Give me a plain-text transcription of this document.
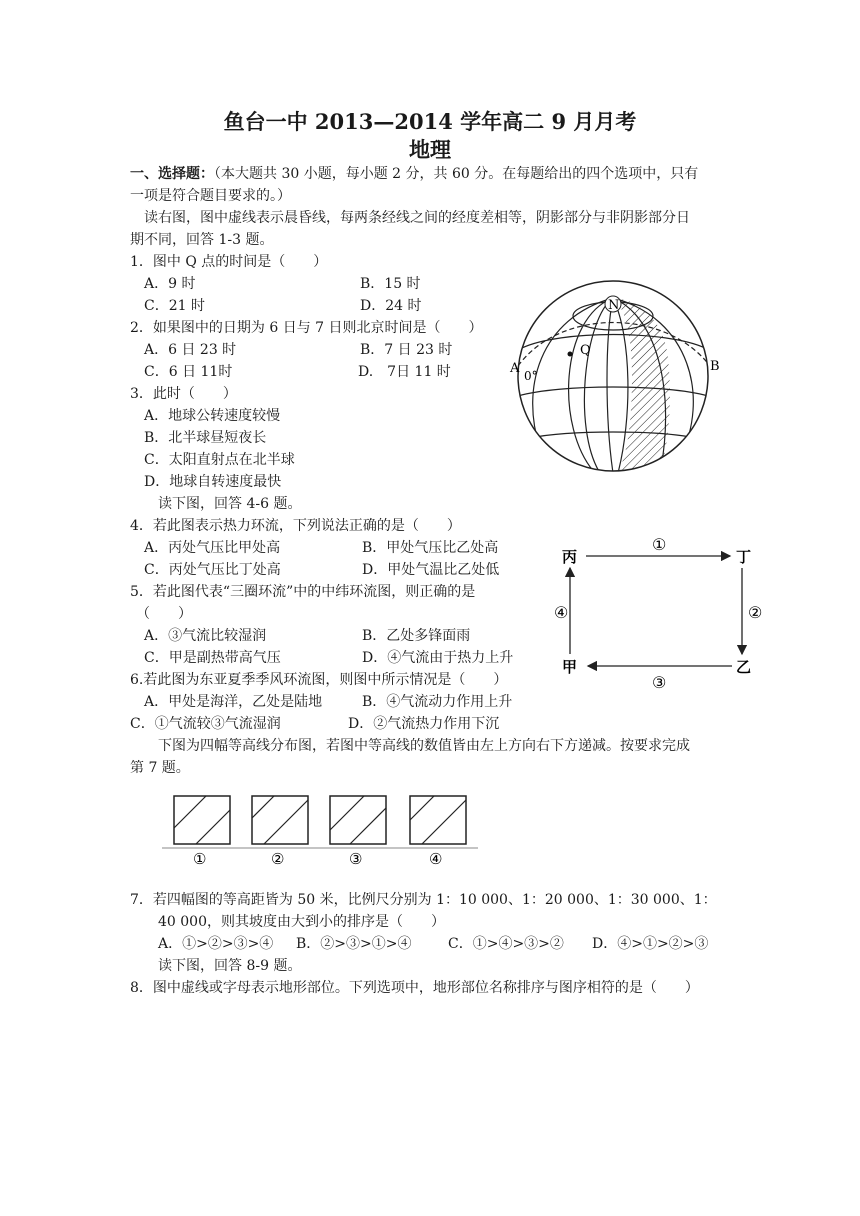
鱼台一中 2013—2014 学年高二 9 月月考
地理
一、选择题：（本大题共 30 小题，每小题 2 分，共 60 分。在每题给出的四个选项中，只有
一项是符合题目要求的。）
读右图，图中虚线表示晨昏线，每两条经线之间的经度差相等，阴影部分与非阴影部分日
期不同，回答 1-3 题。
1．图中 Q 点的时间是（　　）
A．9 时	B．15 时
C．21 时	D．24 时
2．如果图中的日期为 6 日与 7 日则北京时间是（　　）
A．6 日 23 时	B．7 日 23 时
C．6 日 11时	D.　7日 11 时
3．此时（　　）
A．地球公转速度较慢
B．北半球昼短夜长
C．太阳直射点在北半球
D．地球自转速度最快
读下图，回答 4-6 题。
4．若此图表示热力环流，下列说法正确的是（　　）
A．丙处气压比甲处高	B．甲处气压比乙处高
C．丙处气压比丁处高	D．甲处气温比乙处低
5．若此图代表“三圈环流”中的中纬环流图，则正确的是
（　　）
A．③气流比较湿润	B．乙处多锋面雨
C．甲是副热带高气压	D．④气流由于热力上升
6.若此图为东亚夏季季风环流图，则图中所示情况是（　　）
A．甲处是海洋，乙处是陆地	B．④气流动力作用上升
C．①气流较③气流湿润	D．②气流热力作用下沉
下图为四幅等高线分布图，若图中等高线的数值皆由左上方向右下方递减。按要求完成
第 7 题。
7．若四幅图的等高距皆为 50 米，比例尺分别为 1：10 000、1：20 000、1：30 000、1：
40 000，则其坡度由大到小的排序是（　　）
A．①>②>③>④ B．②>③>①>④	C．①>④>③>② D．④>①>②>③
读下图，回答 8-9 题。
8．图中虚线或字母表示地形部位。下列选项中，地形部位名称排序与图序相符的是（　　）
N
Q
A	B
0°
丙	丁
甲	乙
①
②
③
④
①	②	③	④
